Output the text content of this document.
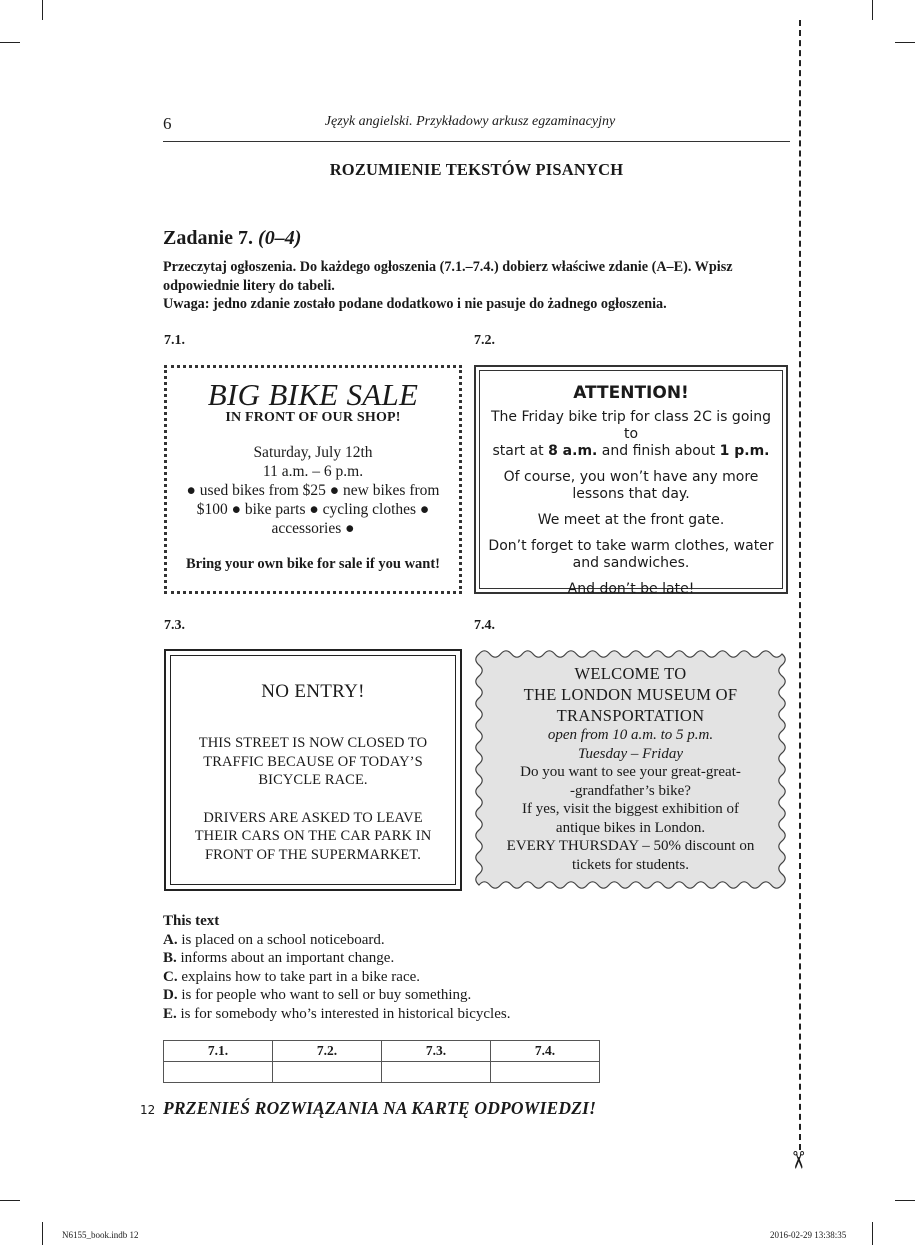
6	Język angielski. Przykładowy arkusz egzaminacyjny
ROZUMIENIE TEKSTÓW PISANYCH
Zadanie 7. (0–4)
Przeczytaj ogłoszenia. Do każdego ogłoszenia (7.1.–7.4.) dobierz właściwe zdanie (A–E). Wpisz
odpowiednie litery do tabeli.
Uwaga: jedno zdanie zostało podane dodatkowo i nie pasuje do żadnego ogłoszenia.
7.1.	7.2.
7.3.	7.4.
BIG BIKE SALE
IN FRONT OF OUR SHOP!
Saturday, July 12th
11 a.m. – 6 p.m.
● used bikes from $25 ● new bikes from
$100 ● bike parts ● cycling clothes ●
accessories ●
Bring your own bike for sale if you want!
ATTENTION!

The Friday bike trip for class 2C is going to
start at 8 a.m. and finish about 1 p.m.

Of course, you won’t have any more lessons that day.

We meet at the front gate.

Don’t forget to take warm clothes, water and sandwiches.

And don’t be late!

NO ENTRY!
THIS STREET IS NOW CLOSED TO
TRAFFIC BECAUSE OF TODAY’S
BICYCLE RACE.
DRIVERS ARE ASKED TO LEAVE
THEIR CARS ON THE CAR PARK IN
FRONT OF THE SUPERMARKET.
WELCOME TO
THE LONDON MUSEUM OF
TRANSPORTATION
open from 10 a.m. to 5 p.m.
Tuesday – Friday
Do you want to see your great-great-
-grandfather’s bike?
If yes, visit the biggest exhibition of
antique bikes in London.
EVERY THURSDAY – 50% discount on
tickets for students.
This text
A. is placed on a school noticeboard.
B. informs about an important change.
C. explains how to take part in a bike race.
D. is for people who want to sell or buy something.
E. is for somebody who’s interested in historical bicycles.
7.1.	7.2.	7.3.	7.4.

12 PRZENIEŚ ROZWIĄZANIA NA KARTĘ ODPOWIEDZI!
✂
N6155_book.indb 12	2016-02-29 13:38:35
